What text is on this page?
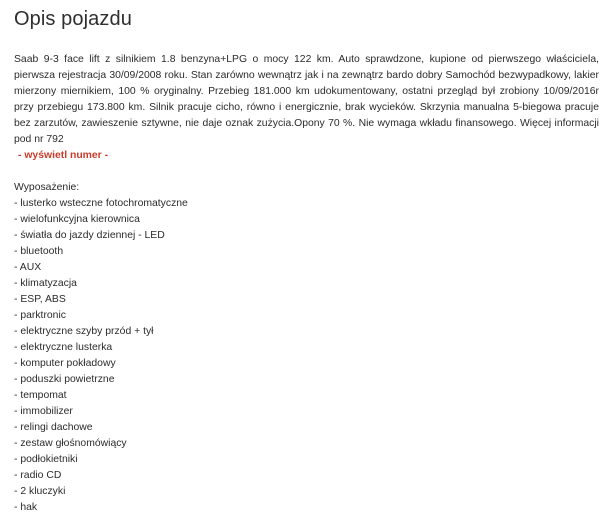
Opis pojazdu
Saab 9-3 face lift z silnikiem 1.8 benzyna+LPG o mocy 122 km. Auto sprawdzone, kupione od pierwszego właściciela, pierwsza rejestracja 30/09/2008 roku. Stan zarówno wewnątrz jak i na zewnątrz bardo dobry Samochód bezwypadkowy, lakier mierzony miernikiem, 100 % oryginalny. Przebieg 181.000 km udokumentowany, ostatni przegląd był zrobiony 10/09/2016r przy przebiegu 173.800 km. Silnik pracuje cicho, równo i energicznie, brak wycieków. Skrzynia manualna 5-biegowa pracuje bez zarzutów, zawieszenie sztywne, nie daje oznak zużycia.Opony 70 %. Nie wymaga wkładu finansowego. Więcej informacji pod nr 792
- wyświetl numer -
Wyposażenie:
- lusterko wsteczne fotochromatyczne
- wielofunkcyjna kierownica
- światła do jazdy dziennej - LED
- bluetooth
- AUX
- klimatyzacja
- ESP, ABS
- parktronic
- elektryczne szyby przód + tył
- elektryczne lusterka
- komputer pokładowy
- poduszki powietrzne
- tempomat
- immobilizer
- relingi dachowe
- zestaw głośnomówiący
- podłokietniki
- radio CD
- 2 kluczyki
- hak
